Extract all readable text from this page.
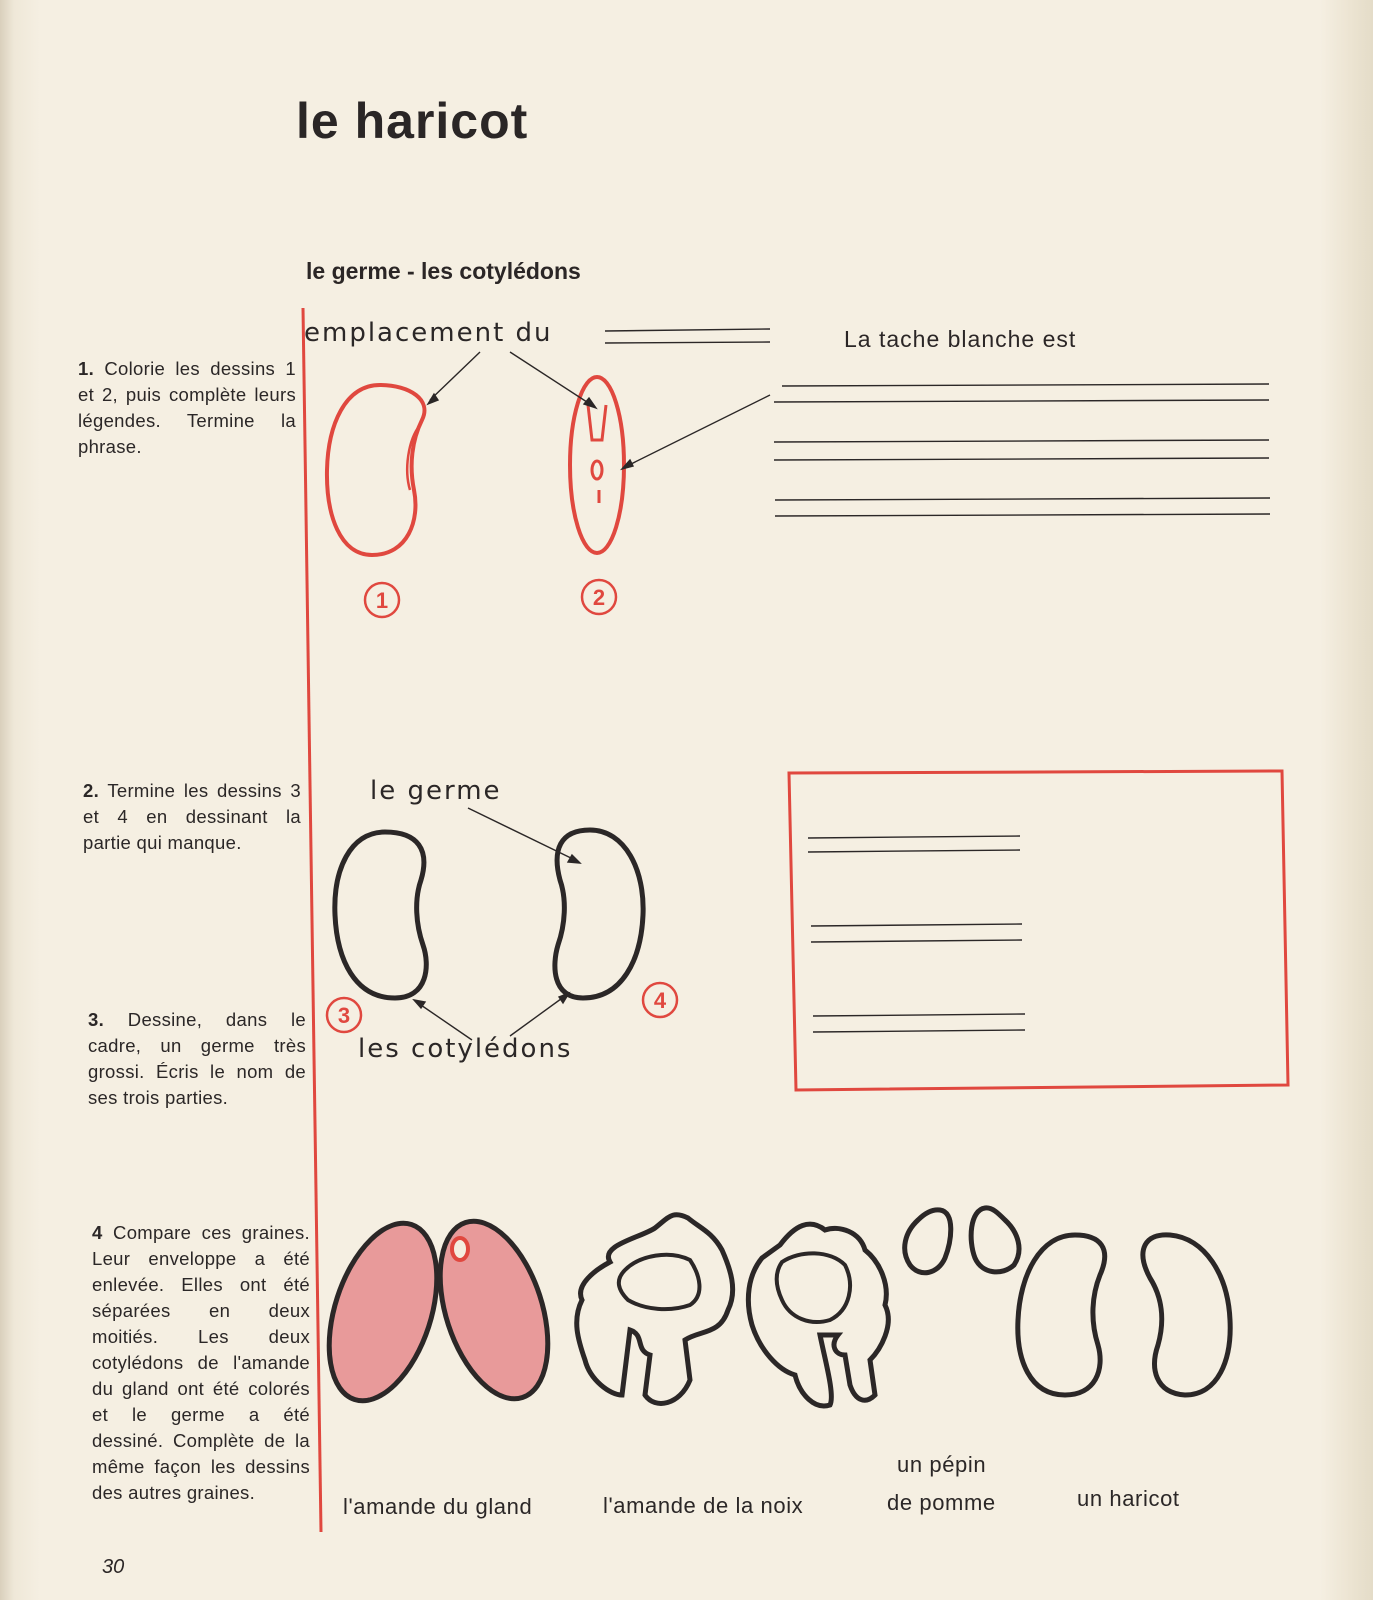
le haricot
le germe - les cotylédons
1. Colorie les dessins 1 et 2, puis complète leurs légendes. Termine la phrase.
2. Termine les dessins 3 et 4 en dessinant la partie qui manque.
3. Dessine, dans le cadre, un germe très grossi. Écris le nom de ses trois parties.
4 Compare ces graines. Leur enveloppe a été enlevée. Elles ont été séparées en deux moitiés. Les deux cotylédons de l'amande du gland ont été colorés et le germe a été dessiné. Complète de la même façon les dessins des autres graines.
emplacement du	La tache blanche est
le germe
les cotylédons
l'amande du gland	l'amande de la noix
un pépin
de pomme	un haricot
30
1	2
3
4
